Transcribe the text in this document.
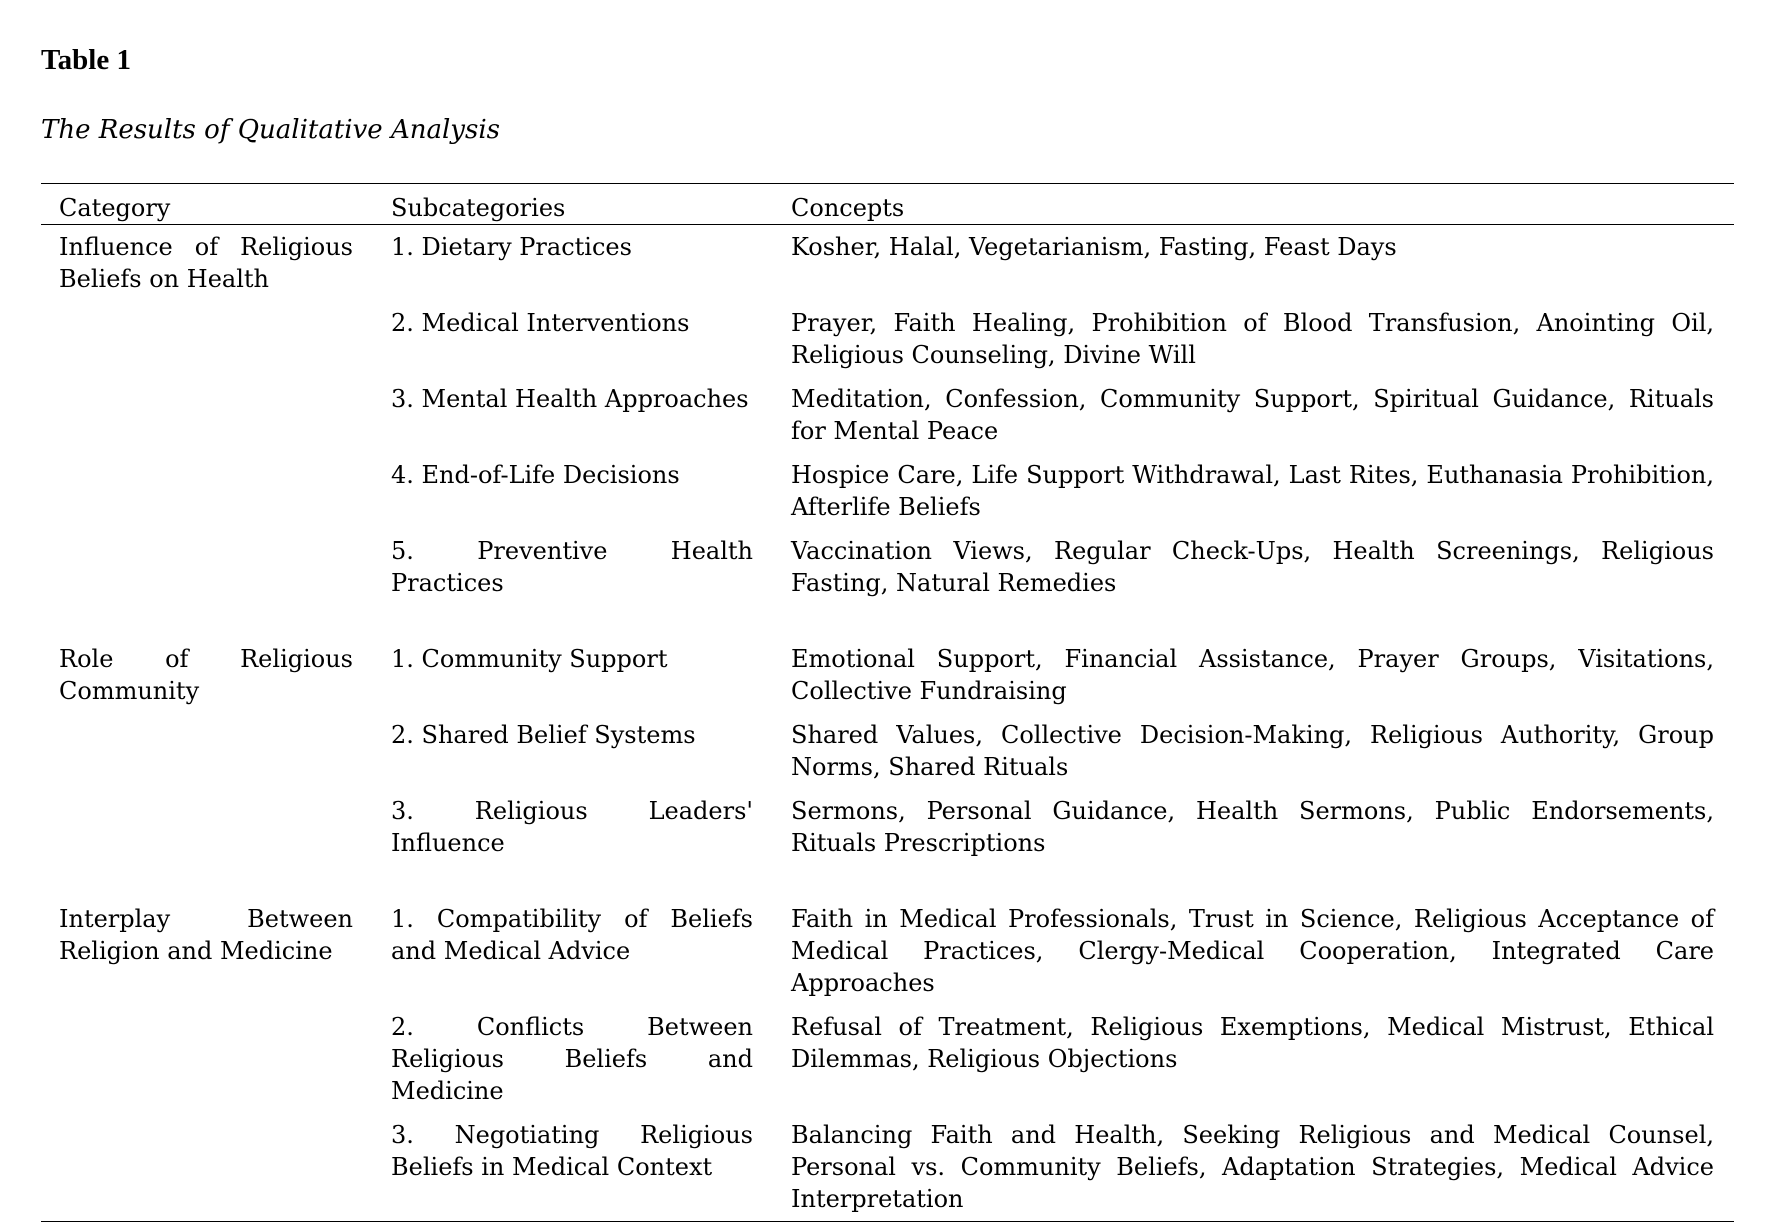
Table 1

The Results of Qualitative Analysis

Category	Subcategories	Concepts
Influence of Religious Beliefs on Health	1. Dietary Practices	Kosher, Halal, Vegetarianism, Fasting, Feast Days
	2. Medical Interventions	Prayer, Faith Healing, Prohibition of Blood Transfusion, Anointing Oil, Religious Counseling, Divine Will
	3. Mental Health Approaches	Meditation, Confession, Community Support, Spiritual Guidance, Rituals for Mental Peace
	4. End-of-Life Decisions	Hospice Care, Life Support Withdrawal, Last Rites, Euthanasia Prohibition, Afterlife Beliefs
	5. Preventive Health Practices	Vaccination Views, Regular Check-Ups, Health Screenings, Religious Fasting, Natural Remedies
Role of Religious Community	1. Community Support	Emotional Support, Financial Assistance, Prayer Groups, Visitations, Collective Fundraising
	2. Shared Belief Systems	Shared Values, Collective Decision-Making, Religious Authority, Group Norms, Shared Rituals
	3. Religious Leaders' Influence	Sermons, Personal Guidance, Health Sermons, Public Endorsements, Rituals Prescriptions
Interplay Between Religion and Medicine	1. Compatibility of Beliefs and Medical Advice	Faith in Medical Professionals, Trust in Science, Religious Acceptance of Medical Practices, Clergy-Medical Cooperation, Integrated Care Approaches
	2. Conflicts Between Religious Beliefs and Medicine	Refusal of Treatment, Religious Exemptions, Medical Mistrust, Ethical Dilemmas, Religious Objections
	3. Negotiating Religious Beliefs in Medical Context	Balancing Faith and Health, Seeking Religious and Medical Counsel, Personal vs. Community Beliefs, Adaptation Strategies, Medical Advice Interpretation
